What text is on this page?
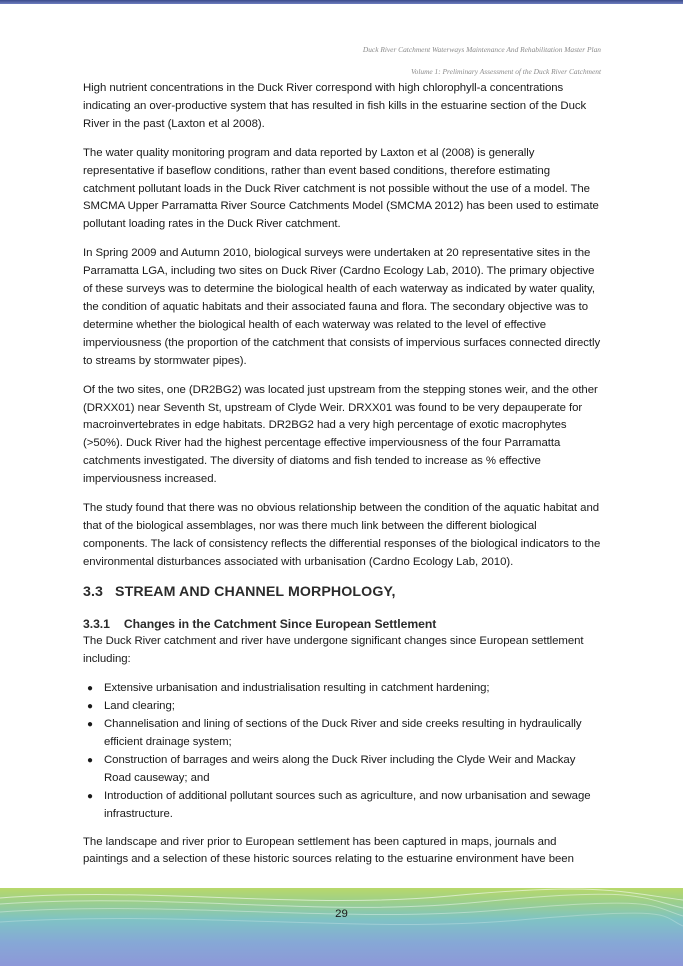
Duck River Catchment Waterways Maintenance And Rehabilitation Master Plan
Volume 1: Preliminary Assessment of the Duck River Catchment

High nutrient concentrations in the Duck River correspond with high chlorophyll-a concentrations indicating an over-productive system that has resulted in fish kills in the estuarine section of the Duck River in the past (Laxton et al 2008).

The water quality monitoring program and data reported by Laxton et al (2008) is generally representative if baseflow conditions, rather than event based conditions, therefore estimating catchment pollutant loads in the Duck River catchment is not possible without the use of a model. The SMCMA Upper Parramatta River Source Catchments Model (SMCMA 2012) has been used to estimate pollutant loading rates in the Duck River catchment.

In Spring 2009 and Autumn 2010, biological surveys were undertaken at 20 representative sites in the Parramatta LGA, including two sites on Duck River (Cardno Ecology Lab, 2010). The primary objective of these surveys was to determine the biological health of each waterway as indicated by water quality, the condition of aquatic habitats and their associated fauna and flora. The secondary objective was to determine whether the biological health of each waterway was related to the level of effective imperviousness (the proportion of the catchment that consists of impervious surfaces connected directly to streams by stormwater pipes).

Of the two sites, one (DR2BG2) was located just upstream from the stepping stones weir, and the other (DRXX01) near Seventh St, upstream of Clyde Weir. DRXX01 was found to be very depauperate for macroinvertebrates in edge habitats. DR2BG2 had a very high percentage of exotic macrophytes (>50%). Duck River had the highest percentage effective imperviousness of the four Parramatta catchments investigated. The diversity of diatoms and fish tended to increase as % effective imperviousness increased.

The study found that there was no obvious relationship between the condition of the aquatic habitat and that of the biological assemblages, nor was there much link between the different biological components. The lack of consistency reflects the differential responses of the biological indicators to the environmental disturbances associated with urbanisation (Cardno Ecology Lab, 2010).

3.3 STREAM AND CHANNEL MORPHOLOGY,
3.3.1 Changes in the Catchment Since European Settlement

The Duck River catchment and river have undergone significant changes since European settlement including:

● Extensive urbanisation and industrialisation resulting in catchment hardening;
● Land clearing;
● Channelisation and lining of sections of the Duck River and side creeks resulting in hydraulically efficient drainage system;
● Construction of barrages and weirs along the Duck River including the Clyde Weir and Mackay Road causeway; and
● Introduction of additional pollutant sources such as agriculture, and now urbanisation and sewage infrastructure.

The landscape and river prior to European settlement has been captured in maps, journals and paintings and a selection of these historic sources relating to the estuarine environment have been

29
